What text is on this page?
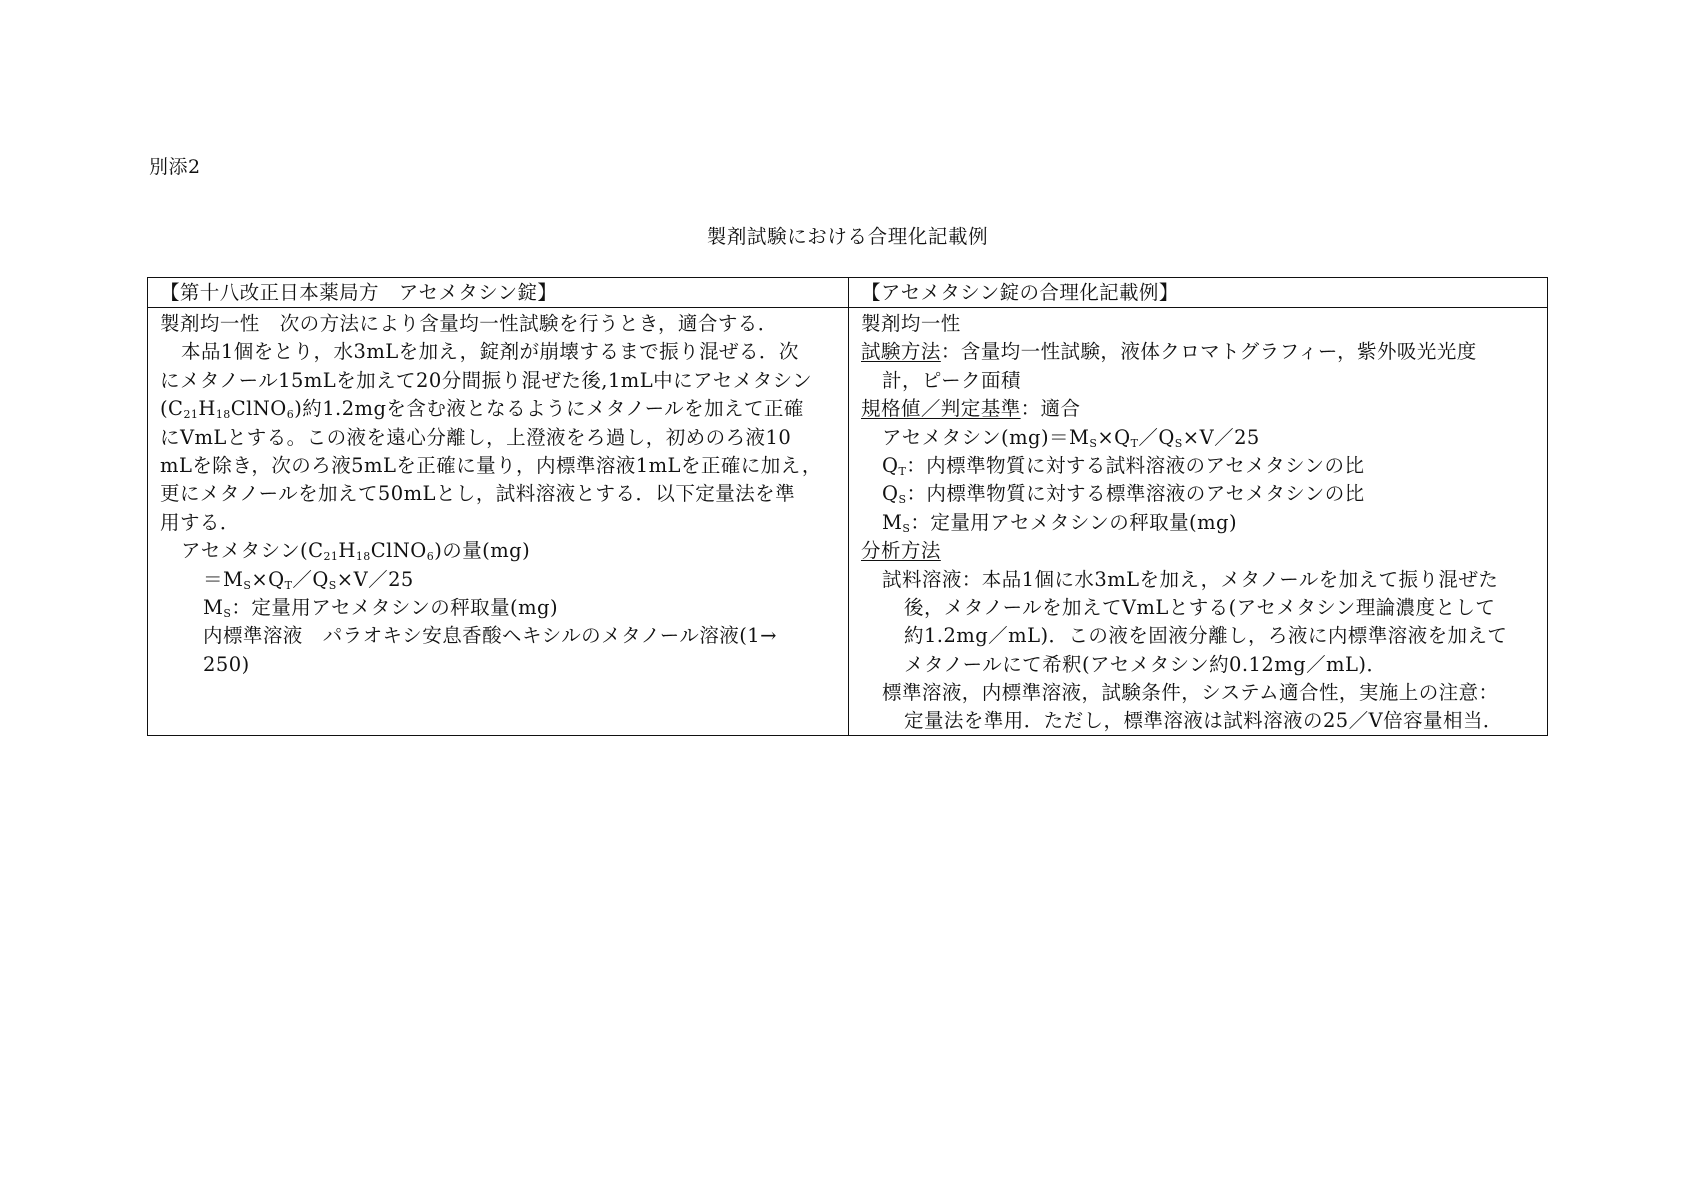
別添2
製剤試験における合理化記載例
【第十八改正日本薬局方　アセメタシン錠】
製剤均一性　次の方法により含量均一性試験を行うとき，適合する．
本品1個をとり，水3mLを加え，錠剤が崩壊するまで振り混ぜる．次
にメタノール15mLを加えて20分間振り混ぜた後,1mL中にアセメタシン
$(C_{21}H_{18}ClNO_6)$約1.2mgを含む液となるようにメタノールを加えて正確
にVmLとする。この液を遠心分離し，上澄液をろ過し，初めのろ液10
mLを除き，次のろ液5mLを正確に量り，内標準溶液1mLを正確に加え，
更にメタノールを加えて50mLとし，試料溶液とする．以下定量法を準
用する．
アセメタシン$(C_{21}H_{18}ClNO_6)$の量(mg)
$=M_S\times Q_T/Q_S\times V/25$
$M_S$：定量用アセメタシンの秤取量(mg)
内標準溶液　パラオキシ安息香酸ヘキシルのメタノール溶液(1→
250)
【アセメタシン錠の合理化記載例】
製剤均一性
試験方法：含量均一性試験，液体クロマトグラフィー，紫外吸光光度
計，ピーク面積
規格値／判定基準：適合
アセメタシン$(mg)=M_S\times Q_T/Q_S\times V/25$
$Q_T$：内標準物質に対する試料溶液のアセメタシンの比
$Q_S$：内標準物質に対する標準溶液のアセメタシンの比
$M_S$：定量用アセメタシンの秤取量(mg)
分析方法
試料溶液：本品1個に水3mLを加え，メタノールを加えて振り混ぜた
後，メタノールを加えてVmLとする(アセメタシン理論濃度として
約1.2mg／mL)．この液を固液分離し，ろ液に内標準溶液を加えて
メタノールにて希釈(アセメタシン約0.12mg／mL)．
標準溶液，内標準溶液，試験条件，システム適合性，実施上の注意：
定量法を準用．ただし，標準溶液は試料溶液の25／V倍容量相当．
